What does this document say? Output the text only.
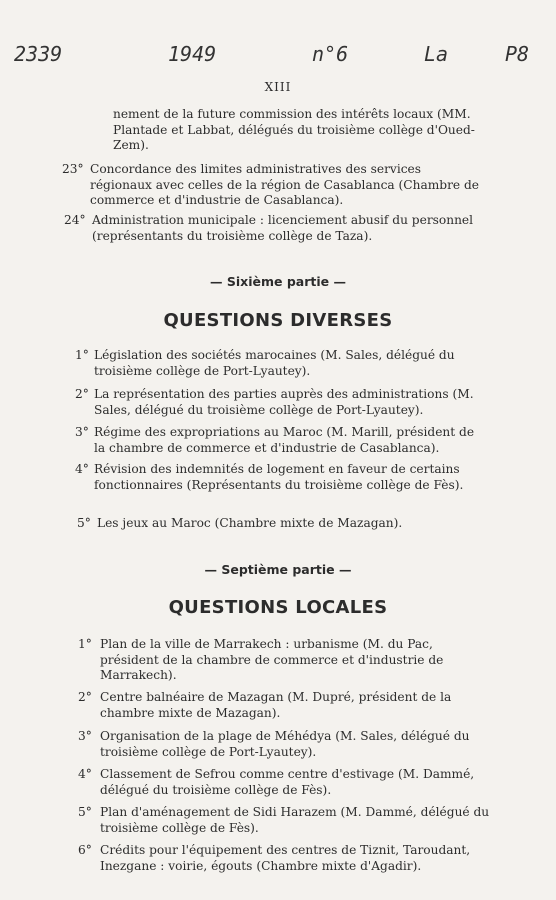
2339	1949	n°6	La	P8
XIII
nement de la future commission des intérêts locaux (MM. Plantade et Labbat, délégués du troisième collège d'Oued-Zem).
23° Concordance des limites administratives des services régionaux avec celles de la région de Casablanca (Chambre de commerce et d'industrie de Casablanca).
24° Administration municipale : licenciement abusif du personnel (représentants du troisième collège de Taza).
— Sixième partie —
QUESTIONS DIVERSES
1° Législation des sociétés marocaines (M. Sales, délégué du troisième collège de Port-Lyautey).
2° La représentation des parties auprès des administrations (M. Sales, délégué du troisième collège de Port-Lyautey).
3° Régime des expropriations au Maroc (M. Marill, président de la chambre de commerce et d'industrie de Casablanca).
4° Révision des indemnités de logement en faveur de certains fonctionnaires (Représentants du troisième collège de Fès).
5° Les jeux au Maroc (Chambre mixte de Mazagan).
— Septième partie —
QUESTIONS LOCALES
1° Plan de la ville de Marrakech : urbanisme (M. du Pac, président de la chambre de commerce et d'industrie de Marrakech).
2° Centre balnéaire de Mazagan (M. Dupré, président de la chambre mixte de Mazagan).
3° Organisation de la plage de Méhédya (M. Sales, délégué du troisième collège de Port-Lyautey).
4° Classement de Sefrou comme centre d'estivage (M. Dammé, délégué du troisième collège de Fès).
5° Plan d'aménagement de Sidi Harazem (M. Dammé, délégué du troisième collège de Fès).
6° Crédits pour l'équipement des centres de Tiznit, Taroudant, Inezgane : voirie, égouts (Chambre mixte d'Agadir).
